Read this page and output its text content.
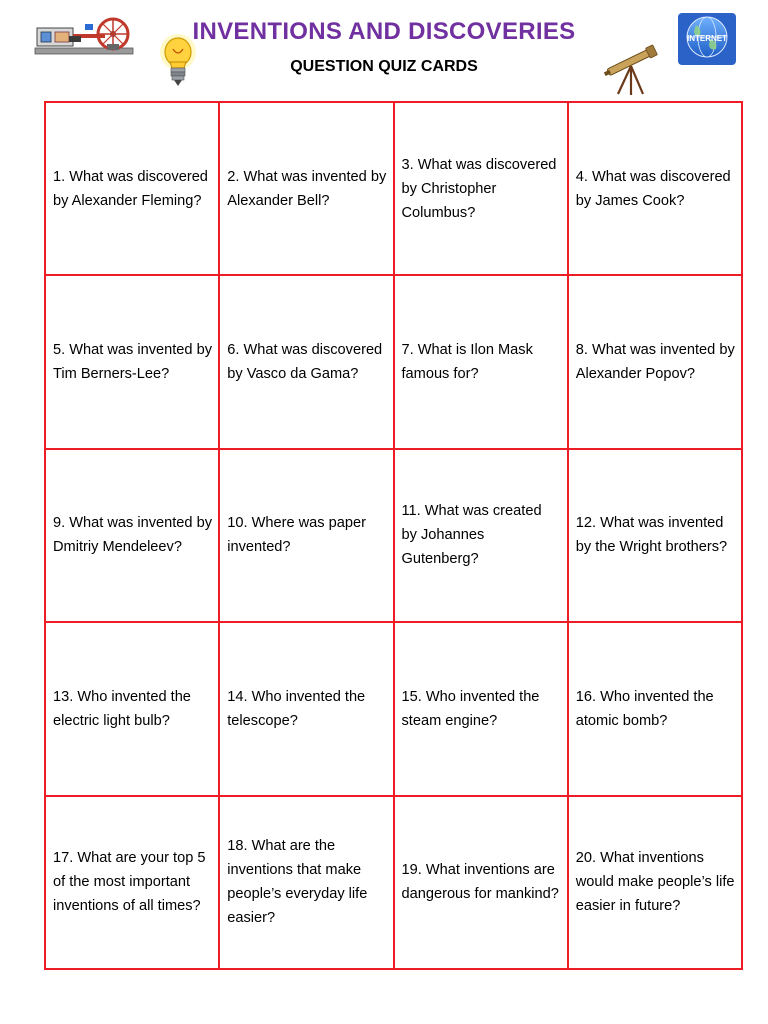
INTERNET
INVENTIONS AND DISCOVERIES
QUESTION QUIZ CARDS
1. What was discovered by Alexander Fleming?
2. What was invented by Alexander Bell?
3. What was discovered by Christopher Columbus?
4. What was discovered by James Cook?
5. What was invented by Tim Berners-Lee?
6. What was discovered by Vasco da Gama?
7. What is Ilon Mask famous for?
8. What was invented by Alexander Popov?
9. What was invented by Dmitriy Mendeleev?
10. Where was paper invented?
11. What was created by Johannes Gutenberg?
12. What was invented by the Wright brothers?
13. Who invented the electric light bulb?
14. Who invented the telescope?
15. Who invented the steam engine?
16. Who invented the atomic bomb?
17. What are your top 5 of the most important inventions of all times?
18. What are the inventions that make people’s everyday life easier?
19. What inventions are dangerous for mankind?
20. What inventions would make people’s life easier in future?
